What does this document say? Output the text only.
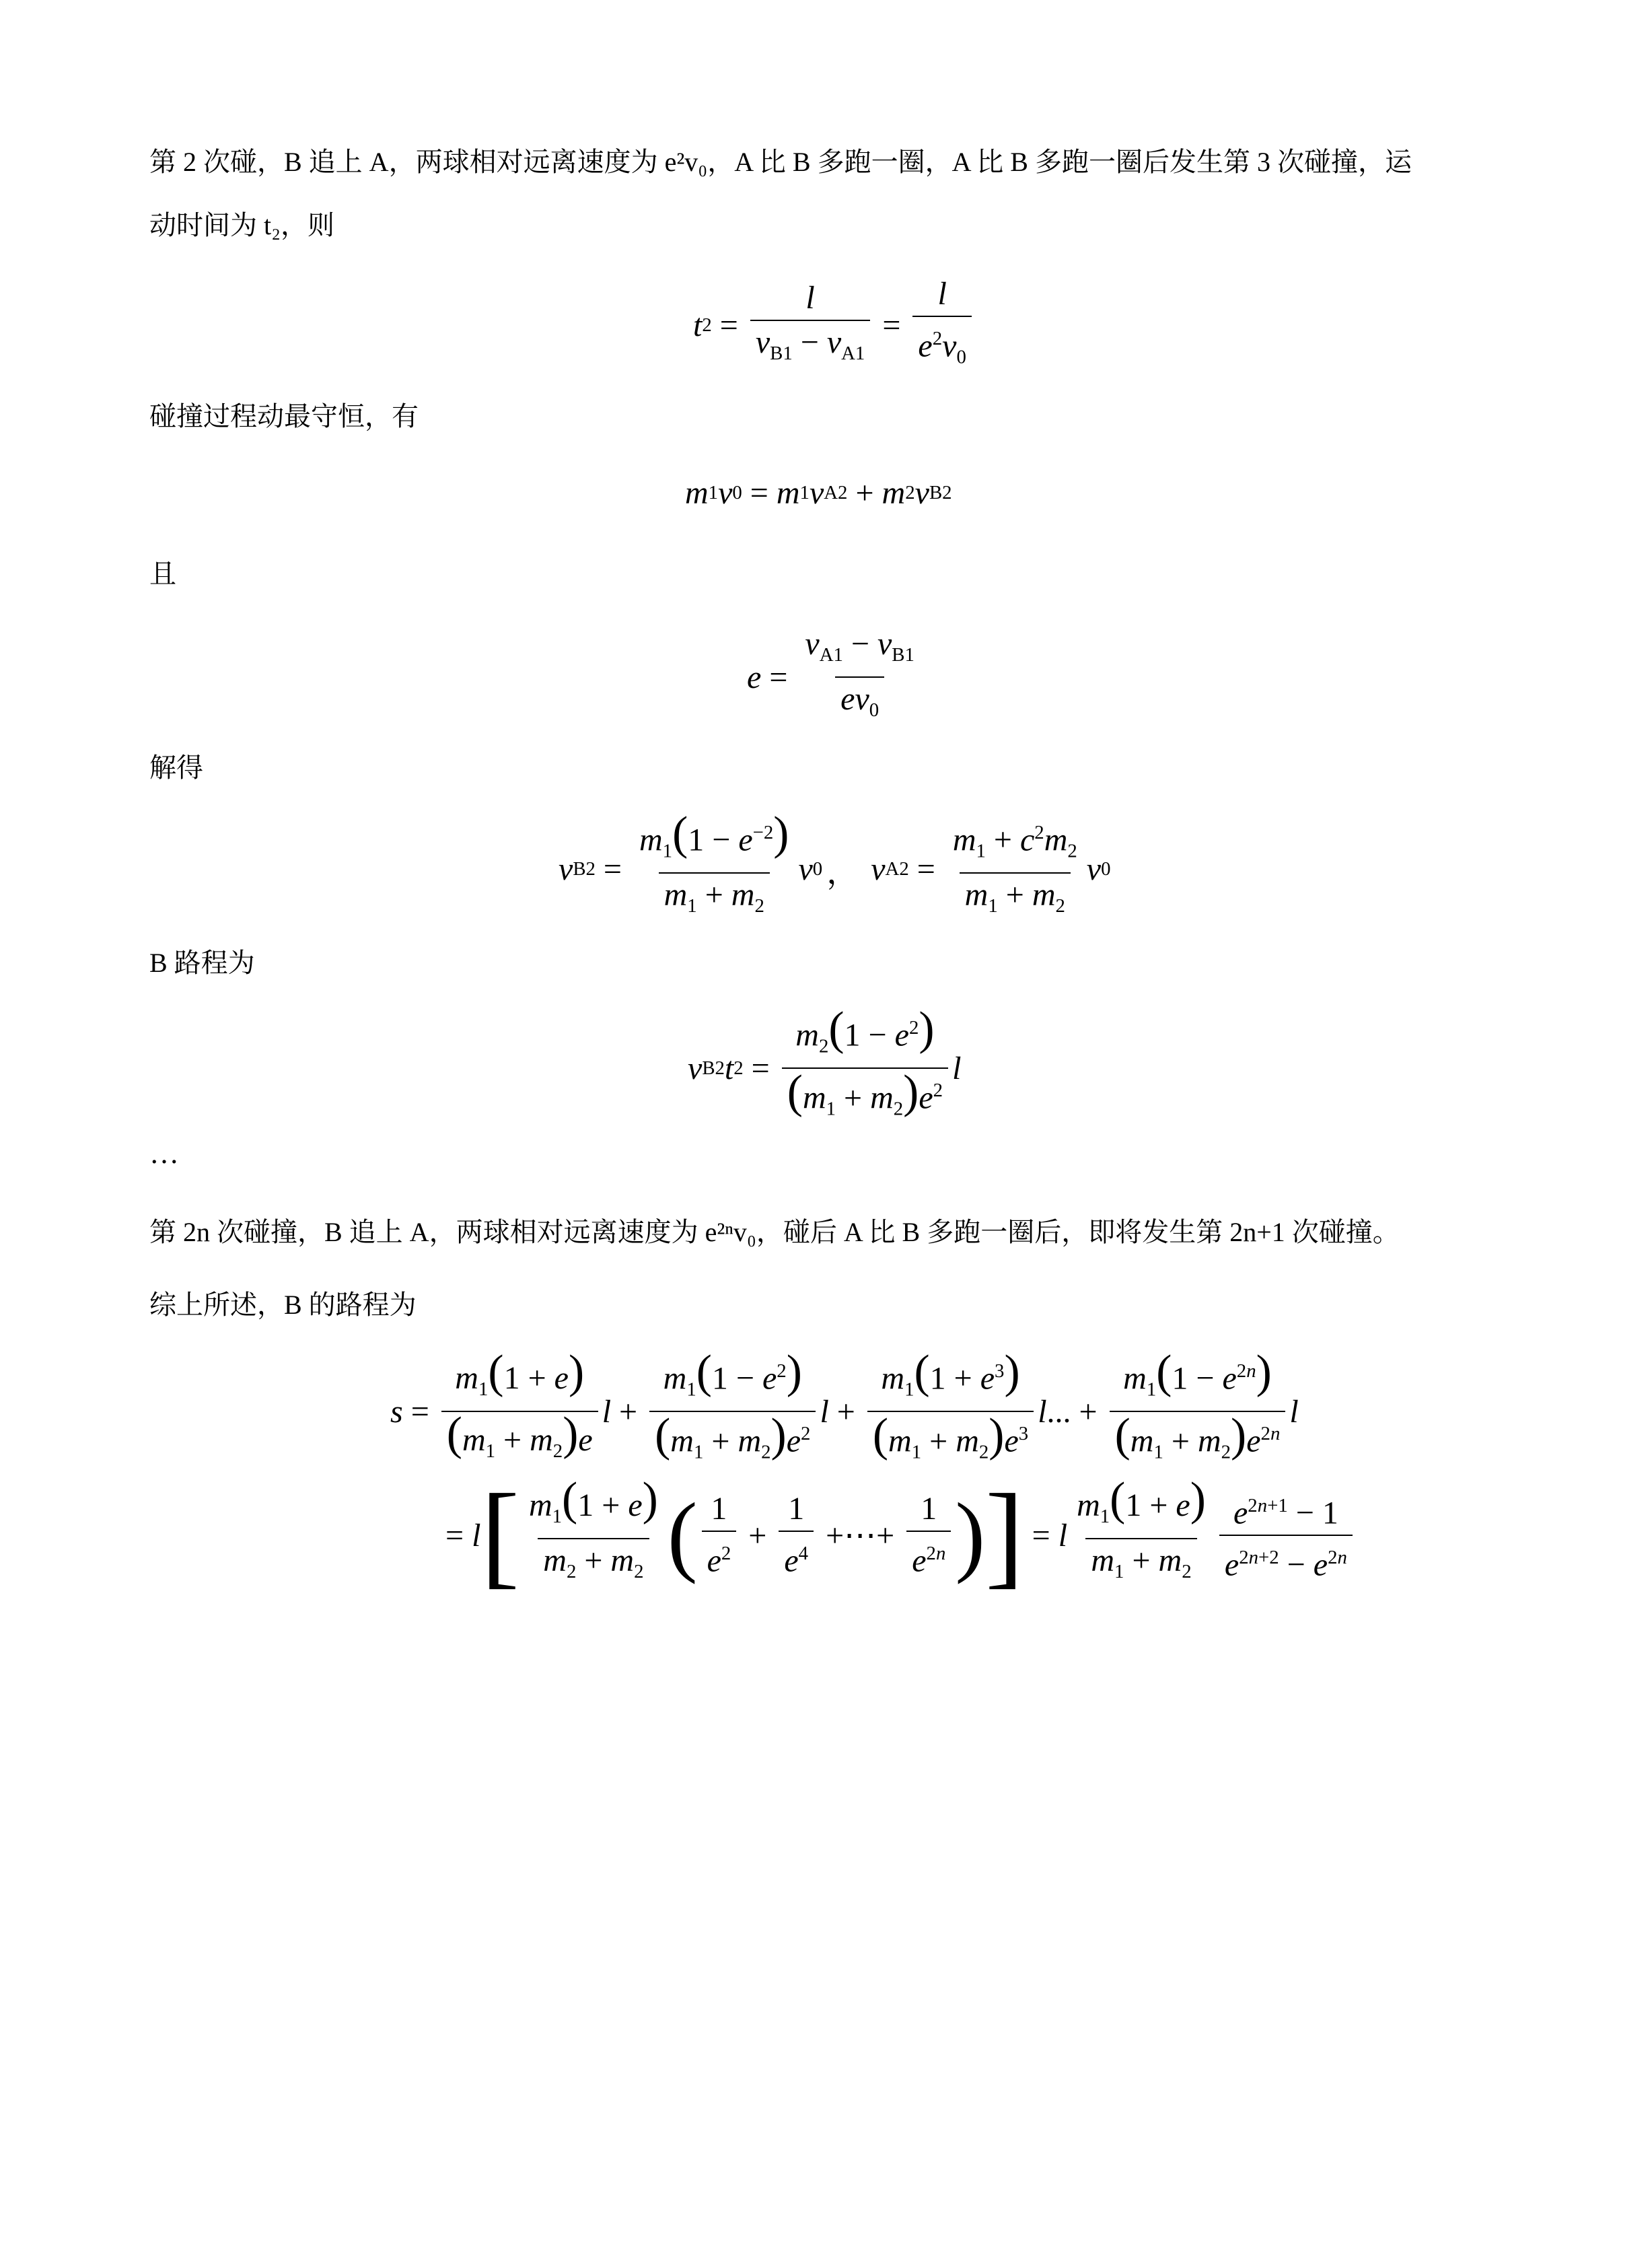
第 2 次碰，B 追上 A，两球相对远离速度为 e²v₀，A 比 B 多跑一圈，A 比 B 多跑一圈后发生第 3 次碰撞，运
动时间为 t₂，则
t $2 = \frac{l}{v_{B1} - v_{A1}} = \frac{l}{e^2v_0}$
碰撞过程动最守恒，有
m 1 v 0 = m 1 v A2 + m 2 v B2
且
$e = \frac{v_{A1} - v_{B1}}{ev_0}$
解得
v $B2 = \frac{m_1(1 - e^{-2})}{m_1 + m_2}$ v 0 ， v $A2 = \frac{m_1 + c^2m_2}{m_1 + m_2}$ v 0
B 路程为
v B2 t $2 = \frac{m_2(1 - e^2)}{(m_1 + m_2)e^2}$ l
…
第 2n 次碰撞，B 追上 A，两球相对远离速度为 e²ⁿv₀，碰后 A 比 B 多跑一圈后，即将发生第 2n+1 次碰撞。
综上所述，B 的路程为
$s = \frac{m_1(1 + e)}{(m_1 + m_2)e}$ $l + \frac{m_1(1 - e^2)}{(m_1 + m_2)e^2}$ $l + \frac{m_1(1 + e^3)}{(m_1 + m_2)e^3}$ l ... + $\frac{m_1(1 - e^{2n})}{(m_1 + m_2)e^{2n}}$ l
= l [ $m_1(1 + e)$
$m_2 + m_2$ ( 1
$e^2$
+ $\frac{1}{e^4}$ +⋯+ $\frac{1}{e^{2n}}$ ) ] = l
$m_1(1 + e)$
$m_1 + m_2$
$e^{2n+1} - 1$
$e^{2n+2} - e^{2n}$
